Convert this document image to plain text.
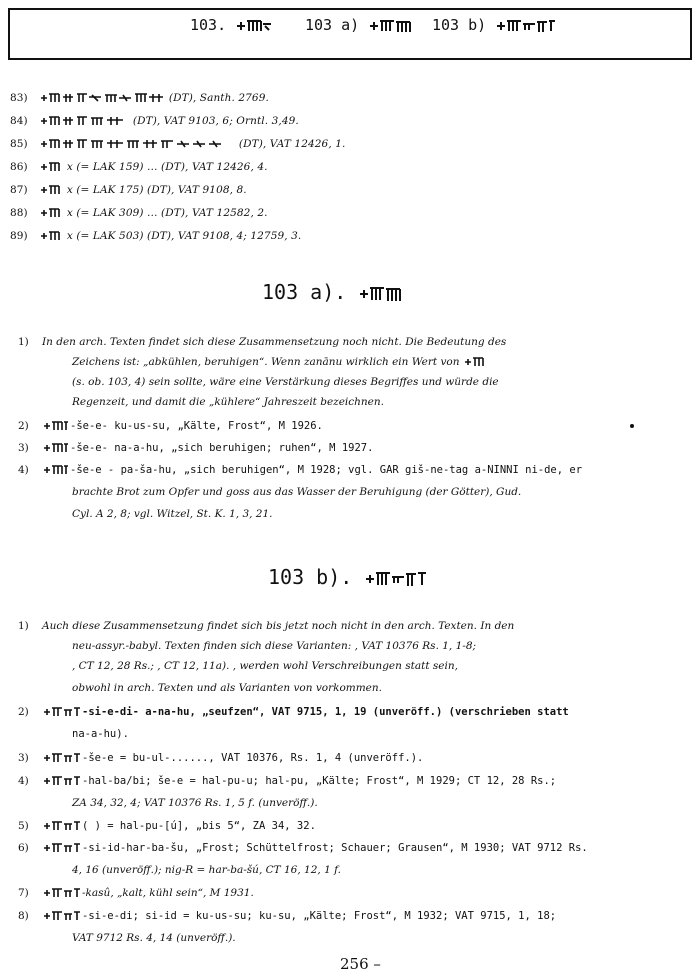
103.	103 a)	103 b)
83)	(DT), Santh. 2769.
84)	(DT), VAT 9103, 6; Orntl. 3,49.
85)	(DT), VAT 12426, 1.
86)	x (= LAK 159) … (DT), VAT 12426, 4.
87)	x (= LAK 175) (DT), VAT 9108, 8.
88)	x (= LAK 309) … (DT), VAT 12582, 2.
89)	x (= LAK 503) (DT), VAT 9108, 4; 12759, 3.
103 a).
1) In den arch. Texten findet sich diese Zusammensetzung noch nicht. Die Bedeutung des
Zeichens ist: „abkühlen, beruhigen“. Wenn zanānu wirklich ein Wert von
(s. ob. 103, 4) sein sollte, wäre eine Verstärkung dieses Begriffes und würde die
Regenzeit, und damit die „kühlere“ Jahreszeit bezeichnen.
2)	-še-e- ku-us-su, „Kälte, Frost“, M 1926.
3)	-še-e- na-a-hu, „sich beruhigen; ruhen“, M 1927.
4)	-še-e - pa-ša-hu, „sich beruhigen“, M 1928; vgl. GAR giš-ne-tag a-NINNI ni-de, er
brachte Brot zum Opfer und goss aus das Wasser der Beruhigung (der Götter), Gud.
Cyl. A 2, 8; vgl. Witzel, St. K. 1, 3, 21.
103 b).
1) Auch diese Zusammensetzung findet sich bis jetzt noch nicht in den arch. Texten. In den
neu-assyr.-babyl. Texten finden sich diese Varianten: , VAT 10376 Rs. 1, 1-8;
, CT 12, 28 Rs.; , CT 12, 11a). , werden wohl Verschreibungen statt sein,
obwohl in arch. Texten und als Varianten von vorkommen.
2)	-si-e-di- a-na-hu, „seufzen“, VAT 9715, 1, 19 (unveröff.) (verschrieben statt
na-a-hu).
3)	-še-e = bu-ul-......, VAT 10376, Rs. 1, 4 (unveröff.).
4)	-hal-ba/bi; še-e = hal-pu-u; hal-pu, „Kälte; Frost“, M 1929; CT 12, 28 Rs.;
ZA 34, 32, 4; VAT 10376 Rs. 1, 5 f. (unveröff.).
5)	( ) = hal-pu-[ú], „bis 5“, ZA 34, 32.
6)	-si-id-har-ba-šu, „Frost; Schüttelfrost; Schauer; Grausen“, M 1930; VAT 9712 Rs.
4, 16 (unveröff.); nig-R = har-ba-šú, CT 16, 12, 1 f.
7)	-kasû, „kalt, kühl sein“, M 1931.
8)	-si-e-di; si-id = ku-us-su; ku-su, „Kälte; Frost“, M 1932; VAT 9715, 1, 18;
VAT 9712 Rs. 4, 14 (unveröff.).
256 –
